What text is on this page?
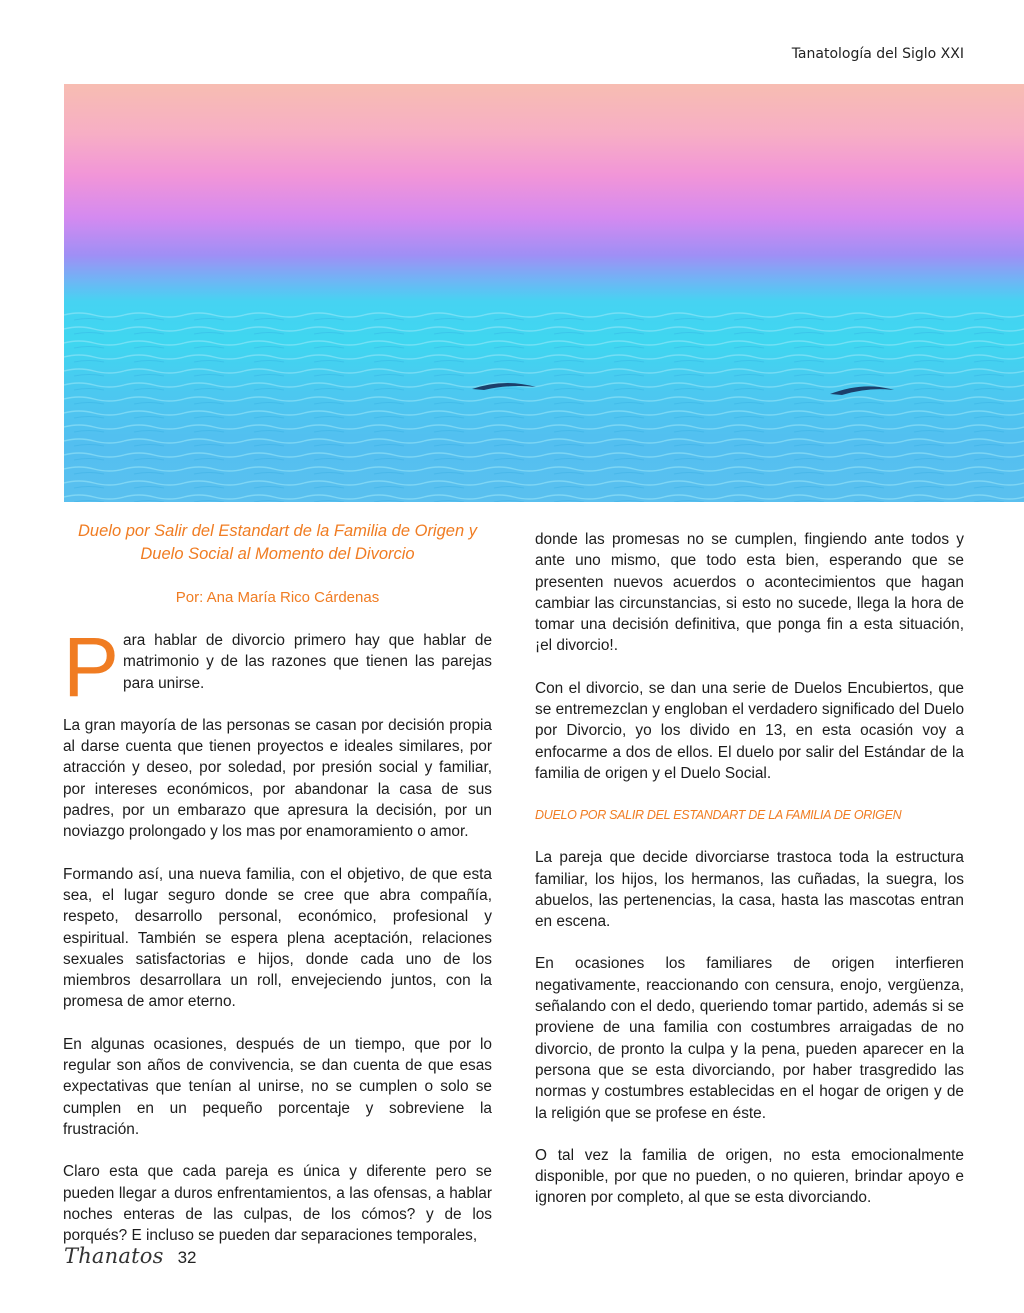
Tanatología del Siglo XXI

Duelo por Salir del Estandart de la Familia de Origen y
Duelo Social al Momento del Divorcio

Por: Ana María Rico Cárdenas

Para hablar de divorcio primero hay que hablar de matrimonio y de las razones que tienen las parejas para unirse.

La gran mayoría de las personas se casan por decisión propia al darse cuenta que tienen proyectos e ideales similares, por atracción y deseo, por soledad, por presión social y familiar, por intereses económicos, por abandonar la casa de sus padres, por un embarazo que apresura la decisión, por un noviazgo prolongado y los mas por enamoramiento o amor.

Formando así, una nueva familia, con el objetivo, de que esta sea, el lugar seguro donde se cree que abra compañía, respeto, desarrollo personal, económico, profesional y espiritual. También se espera plena aceptación, relaciones sexuales satisfactorias e hijos, donde cada uno de los miembros desarrollara un roll, envejeciendo juntos, con la promesa de amor eterno.

En algunas ocasiones, después de un tiempo, que por lo regular son años de convivencia, se dan cuenta de que esas expectativas que tenían al unirse, no se cumplen o solo se cumplen en un pequeño porcentaje y sobreviene la frustración.

Claro esta que cada pareja es única y diferente pero se pueden llegar a duros enfrentamientos, a las ofensas, a hablar noches enteras de las culpas, de los cómos? y de los porqués? E incluso se pueden dar separaciones temporales,

donde las promesas no se cumplen, fingiendo ante todos y ante uno mismo, que todo esta bien, esperando que se presenten nuevos acuerdos o acontecimientos que hagan cambiar las circunstancias, si esto no sucede, llega la hora de tomar una decisión definitiva, que ponga fin a esta situación, ¡el divorcio!.

Con el divorcio, se dan una serie de Duelos Encubiertos, que se entremezclan y engloban el verdadero significado del Duelo por Divorcio, yo los divido en 13, en esta ocasión voy a enfocarme a dos de ellos. El duelo por salir del Estándar de la familia de origen y el Duelo Social.

DUELO POR SALIR DEL ESTANDART DE LA FAMILIA DE ORIGEN

La pareja que decide divorciarse trastoca toda la estructura familiar, los hijos, los hermanos, las cuñadas, la suegra, los abuelos, las pertenencias, la casa, hasta las mascotas entran en escena.

En ocasiones los familiares de origen interfieren negativamente, reaccionando con censura, enojo, vergüenza, señalando con el dedo, queriendo tomar partido, además si se proviene de una familia con costumbres arraigadas de no divorcio, de pronto la culpa y la pena, pueden aparecer en la persona que se esta divorciando, por haber trasgredido las normas y costumbres establecidas en el hogar de origen y de la religión que se profese en éste.

O tal vez la familia de origen, no esta emocionalmente disponible, por que no pueden, o no quieren, brindar apoyo e ignoren por completo, al que se esta divorciando.

Thanatos 32
